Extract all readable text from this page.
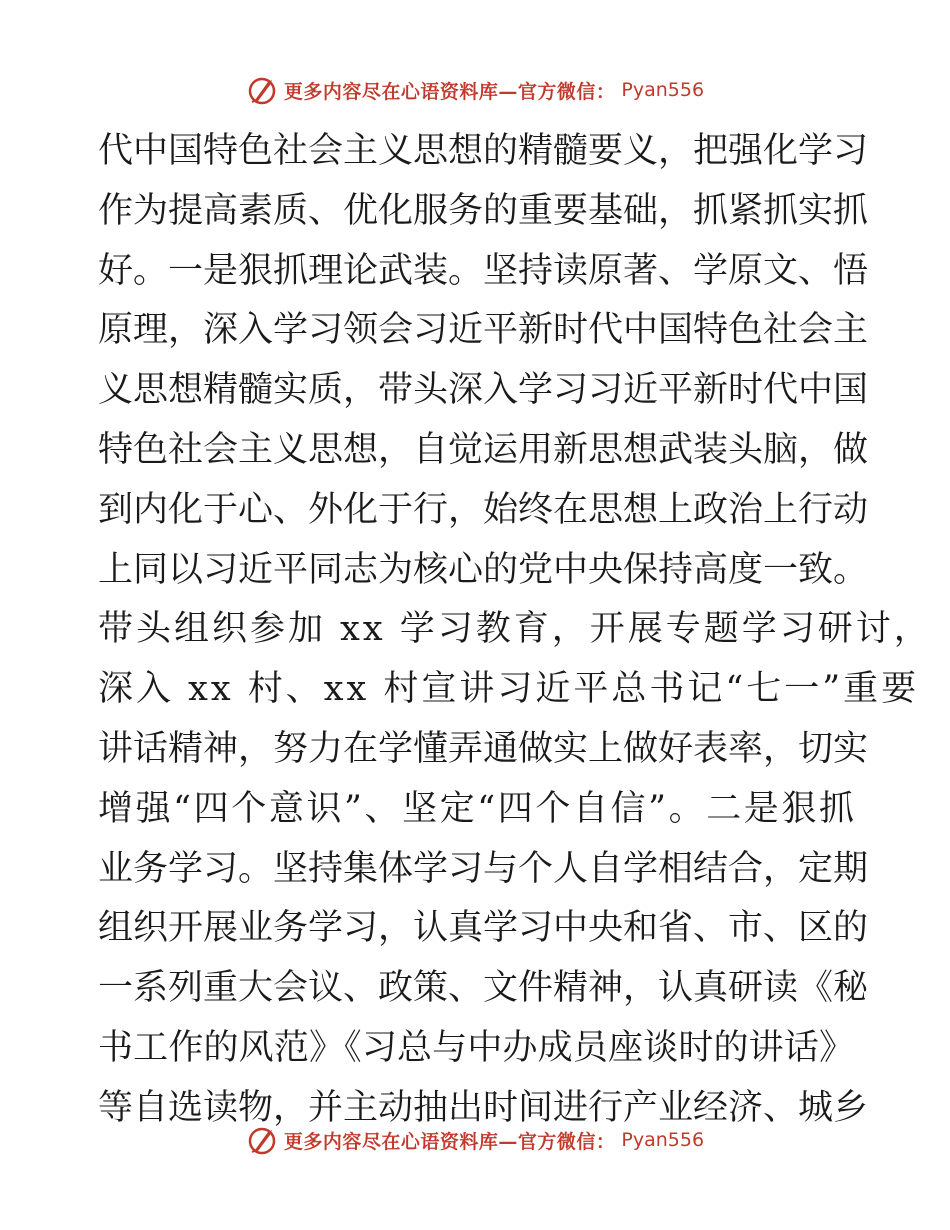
更多内容尽在心语资料库—官方微信： Pyan556
代中国特色社会主义思想的精髓要义，把强化学习
作为提高素质、优化服务的重要基础，抓紧抓实抓
好。一是狠抓理论武装。坚持读原著、学原文、悟
原理，深入学习领会习近平新时代中国特色社会主
义思想精髓实质，带头深入学习习近平新时代中国
特色社会主义思想，自觉运用新思想武装头脑，做
到内化于心、外化于行，始终在思想上政治上行动
上同以习近平同志为核心的党中央保持高度一致。
带头组织参加 xx 学习教育，开展专题学习研讨，
深入 xx 村、xx 村宣讲习近平总书记“七一”重要
讲话精神，努力在学懂弄通做实上做好表率，切实
增强“四个意识”、坚定“四个自信”。二是狠抓
业务学习。坚持集体学习与个人自学相结合，定期
组织开展业务学习，认真学习中央和省、市、区的
一系列重大会议、政策、文件精神，认真研读《秘
书工作的风范》《习总与中办成员座谈时的讲话》
等自选读物，并主动抽出时间进行产业经济、城乡
更多内容尽在心语资料库—官方微信： Pyan556
